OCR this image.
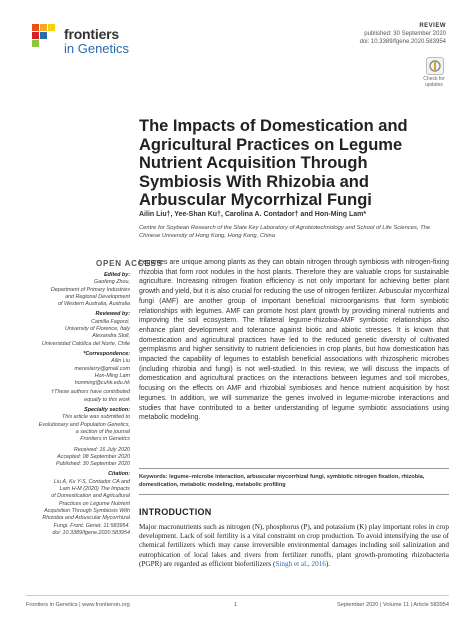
frontiers
in Genetics
REVIEW
published: 30 September 2020
doi: 10.3389/fgene.2020.583954
Check for updates
The Impacts of Domestication and Agricultural Practices on Legume Nutrient Acquisition Through Symbiosis With Rhizobia and Arbuscular Mycorrhizal Fungi
Ailin Liu†, Yee-Shan Ku†, Carolina A. Contador† and Hon-Ming Lam*
Centre for Soybean Research of the State Key Laboratory of Agrobiotechnology and School of Life Sciences, The Chinese University of Hong Kong, Hong Kong, China
OPEN ACCESS
Edited by:
Gaofeng Zhou,
Department of Primary Industries
and Regional Development
of Western Australia, Australia
Reviewed by:
Camilla Fagorzi,
University of Florence, Italy
Alexandra Stoll,
Universidad Católica del Norte, Chile
*Correspondence:
Ailin Liu
mereslarry@gmail.com
Hon-Ming Lam
honming@cuhk.edu.hk
†These authors have contributed
equally to this work
Specialty section:
This article was submitted to
Evolutionary and Population Genetics,
a section of the journal
Frontiers in Genetics
Received: 16 July 2020
Accepted: 08 September 2020
Published: 30 September 2020
Citation:
Liu A, Ku Y-S, Contador CA and
Lam H-M (2020) The Impacts
of Domestication and Agricultural
Practices on Legume Nutrient
Acquisition Through Symbiosis With
Rhizobia and Arbuscular Mycorrhizal
Fungi. Front. Genet. 11:583954.
doi: 10.3389/fgene.2020.583954
Legumes are unique among plants as they can obtain nitrogen through symbiosis with nitrogen-fixing rhizobia that form root nodules in the host plants. Therefore they are valuable crops for sustainable agriculture. Increasing nitrogen fixation efficiency is not only important for achieving better plant growth and yield, but it is also crucial for reducing the use of nitrogen fertilizer. Arbuscular mycorrhizal fungi (AMF) are another group of important beneficial microorganisms that form symbiotic relationships with legumes. AMF can promote host plant growth by providing mineral nutrients and improving the soil ecosystem. The trilateral legume-rhizobia-AMF symbiotic relationships also enhance plant development and tolerance against biotic and abiotic stresses. It is known that domestication and agricultural practices have led to the reduced genetic diversity of cultivated germplasms and higher sensitivity to nutrient deficiencies in crop plants, but how domestication has impacted the capability of legumes to establish beneficial associations with rhizospheric microbes (including rhizobia and fungi) is not well-studied. In this review, we will discuss the impacts of domestication and agricultural practices on the interactions between legumes and soil microbes, focusing on the effects on AMF and rhizobial symbioses and hence nutrient acquisition by host legumes. In addition, we will summarize the genes involved in legume-microbe interactions and studies that have contributed to a better understanding of legume symbiotic associations using metabolic modeling.
Keywords: legume–microbe interaction, arbuscular mycorrhizal fungi, symbiotic nitrogen fixation, rhizobia, domestication, metabolic modeling, metabolic profiling
INTRODUCTION
Major macronutrients such as nitrogen (N), phosphorus (P), and potassium (K) play important roles in crop development. Lack of soil fertility is a vital constraint on crop production. To avoid intensifying the use of chemical fertilizers which may cause irreversible environmental damages including soil salinization and eutrophication of local lakes and rivers from fertilizer runoffs, plant growth-promoting rhizobacteria (PGPR) are regarded as efficient biofertilizers (Singh et al., 2016).
Frontiers in Genetics | www.frontiersin.org	1	September 2020 | Volume 11 | Article 583954
